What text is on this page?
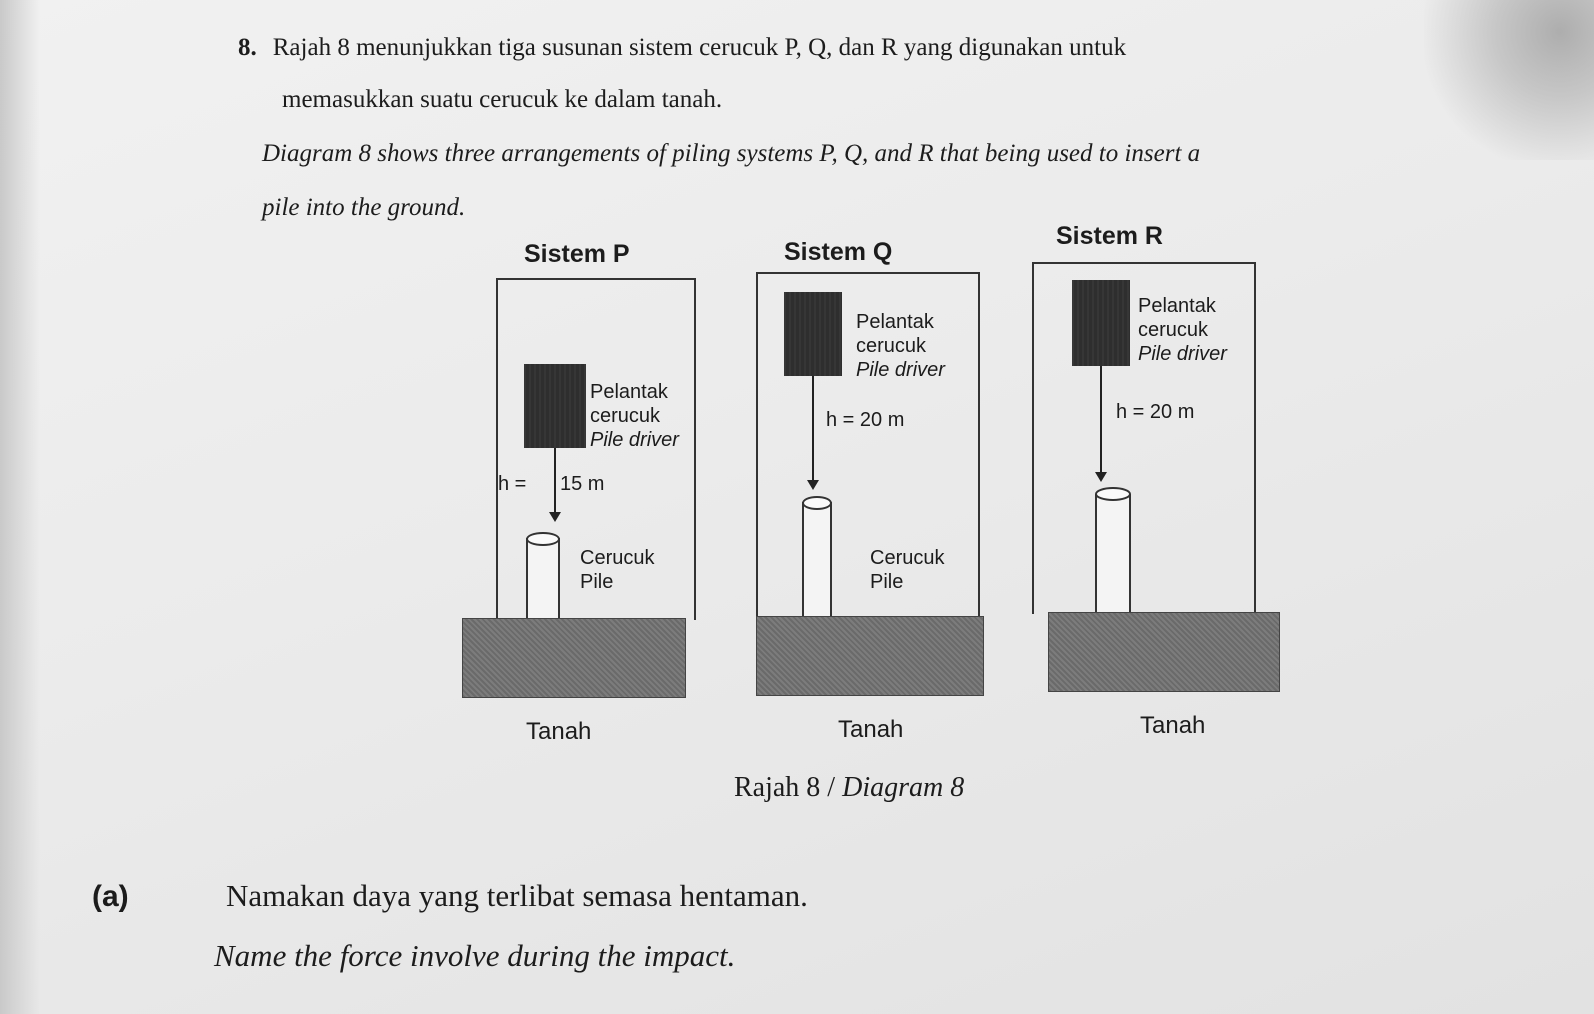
8. Rajah 8 menunjukkan tiga susunan sistem cerucuk P, Q, dan R yang digunakan untuk
memasukkan suatu cerucuk ke dalam tanah.
Diagram 8 shows three arrangements of piling systems P, Q, and R that being used to insert a
pile into the ground.
Sistem P
Pelantak
cerucuk
Pile driver
h = 15 m
Cerucuk
Pile
Tanah
Sistem Q
Pelantak
cerucuk
Pile driver
h = 20 m
Cerucuk
Pile
Tanah
Sistem R
Pelantak
cerucuk
Pile driver
h = 20 m
Tanah
Rajah 8 / Diagram 8
(a)	Namakan daya yang terlibat semasa hentaman.
Name the force involve during the impact.
